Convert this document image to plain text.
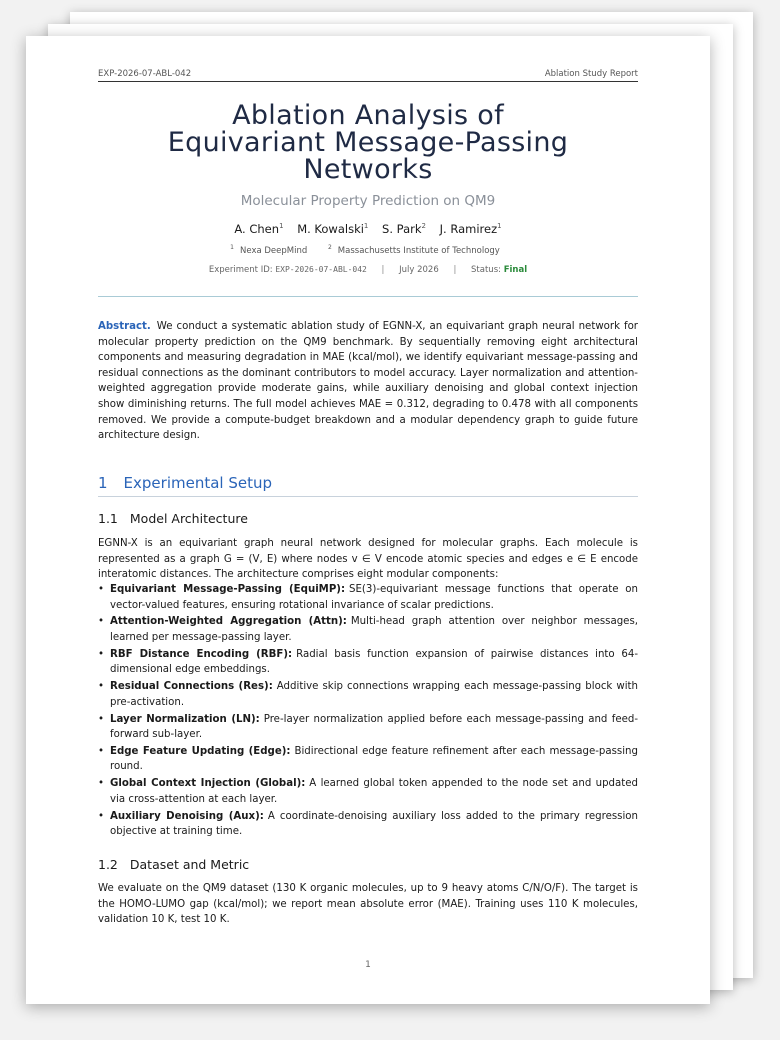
EXP-2026-07-ABL-042	Ablation Study Report
Ablation Analysis of
Equivariant Message-Passing
Networks
Molecular Property Prediction on QM9
A. Chen$^1$ M. Kowalski$^1$ S. Park$^2$ J. Ramirez$^1$
$^1$ Nexa DeepMind	$^2$ Massachusetts Institute of Technology
Experiment ID: EXP-2026-07-ABL-042 | July 2026 | Status: Final
Abstract. We conduct a systematic ablation study of EGNN-X, an equivariant graph neural network for molecular property prediction on the QM9 benchmark. By sequentially removing eight architectural components and measuring degradation in MAE (kcal/mol), we identify equivariant message-passing and residual connections as the dominant contributors to model accuracy. Layer normalization and attention-weighted aggregation provide moderate gains, while auxiliary denoising and global context injection show diminishing returns. The full model achieves MAE = 0.312, degrading to 0.478 with all components removed. We provide a compute-budget breakdown and a modular dependency graph to guide future architecture design.
1 Experimental Setup
1.1 Model Architecture
EGNN-X is an equivariant graph neural network designed for molecular graphs. Each molecule is represented as a graph G = (V, E) where nodes v ∈ V encode atomic species and edges e ∈ E encode interatomic distances. The architecture comprises eight modular components:
• Equivariant Message-Passing (EquiMP): SE(3)-equivariant message functions that operate on vector-valued features, ensuring rotational invariance of scalar predictions.
• Attention-Weighted Aggregation (Attn): Multi-head graph attention over neighbor messages, learned per message-passing layer.
• RBF Distance Encoding (RBF): Radial basis function expansion of pairwise distances into 64-dimensional edge embeddings.
• Residual Connections (Res): Additive skip connections wrapping each message-passing block with pre-activation.
• Layer Normalization (LN): Pre-layer normalization applied before each message-passing and feed-forward sub-layer.
• Edge Feature Updating (Edge): Bidirectional edge feature refinement after each message-passing round.
• Global Context Injection (Global): A learned global token appended to the node set and updated via cross-attention at each layer.
• Auxiliary Denoising (Aux): A coordinate-denoising auxiliary loss added to the primary regression objective at training time.
1.2 Dataset and Metric
We evaluate on the QM9 dataset (130 K organic molecules, up to 9 heavy atoms C/N/O/F). The target is the HOMO-LUMO gap (kcal/mol); we report mean absolute error (MAE). Training uses 110 K molecules, validation 10 K, test 10 K.
1
